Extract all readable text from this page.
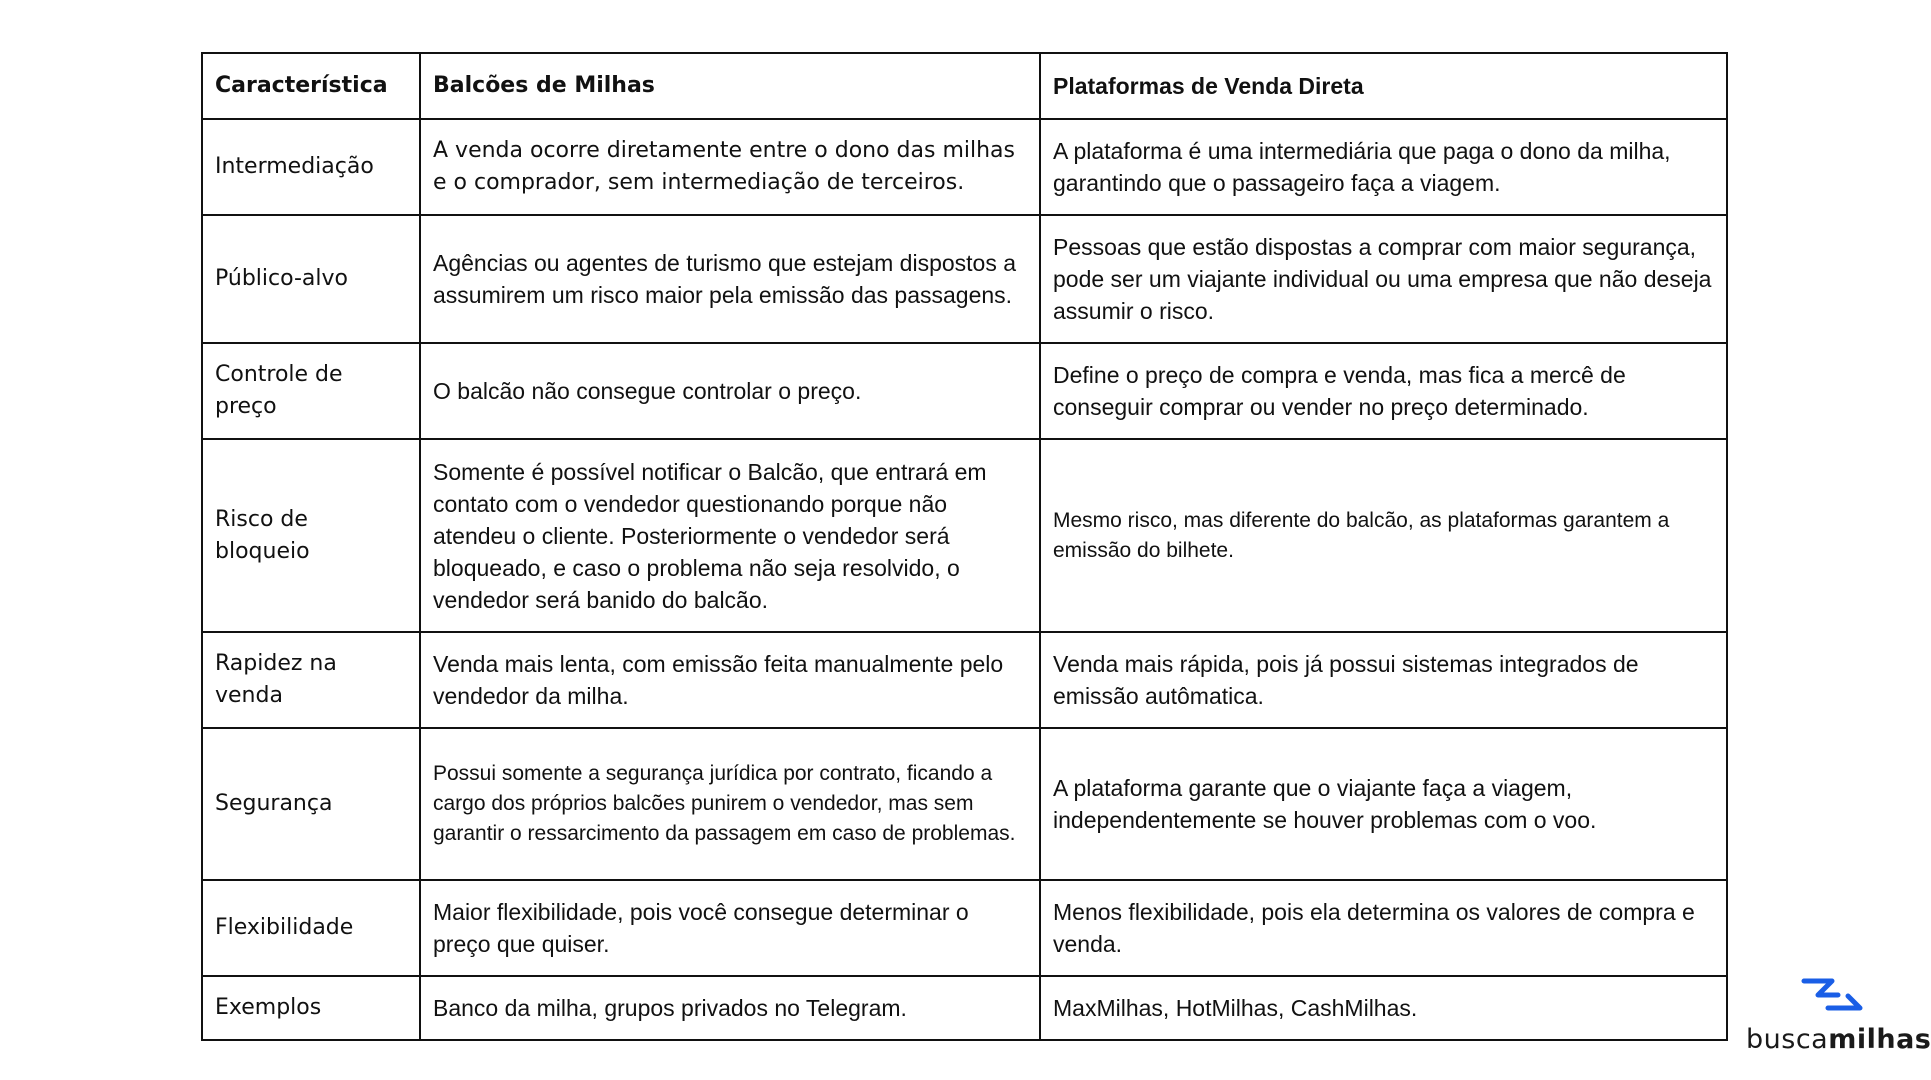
Característica	Balcões de Milhas	Plataformas de Venda Direta
Intermediação	A venda ocorre diretamente entre o dono das milhas e o comprador, sem intermediação de terceiros.	A plataforma é uma intermediária que paga o dono da milha, garantindo que o passageiro faça a viagem.
Público-alvo	Agências ou agentes de turismo que estejam dispostos a assumirem um risco maior pela emissão das passagens.	Pessoas que estão dispostas a comprar com maior segurança, pode ser um viajante individual ou uma empresa que não deseja assumir o risco.
Controle de preço	O balcão não consegue controlar o preço.	Define o preço de compra e venda, mas fica a mercê de conseguir comprar ou vender no preço determinado.
Risco de bloqueio	Somente é possível notificar o Balcão, que entrará em contato com o vendedor questionando porque não atendeu o cliente. Posteriormente o vendedor será bloqueado, e caso o problema não seja resolvido, o vendedor será banido do balcão.	Mesmo risco, mas diferente do balcão, as plataformas garantem a emissão do bilhete.
Rapidez na venda	Venda mais lenta, com emissão feita manualmente pelo vendedor da milha.	Venda mais rápida, pois já possui sistemas integrados de emissão autômatica.
Segurança	Possui somente a segurança jurídica por contrato, ficando a cargo dos próprios balcões punirem o vendedor, mas sem garantir o ressarcimento da passagem em caso de problemas.	A plataforma garante que o viajante faça a viagem, independentemente se houver problemas com o voo.
Flexibilidade	Maior flexibilidade, pois você consegue determinar o preço que quiser.	Menos flexibilidade, pois ela determina os valores de compra e venda.
Exemplos	Banco da milha, grupos privados no Telegram.	MaxMilhas, HotMilhas, CashMilhas.
buscamilhas
